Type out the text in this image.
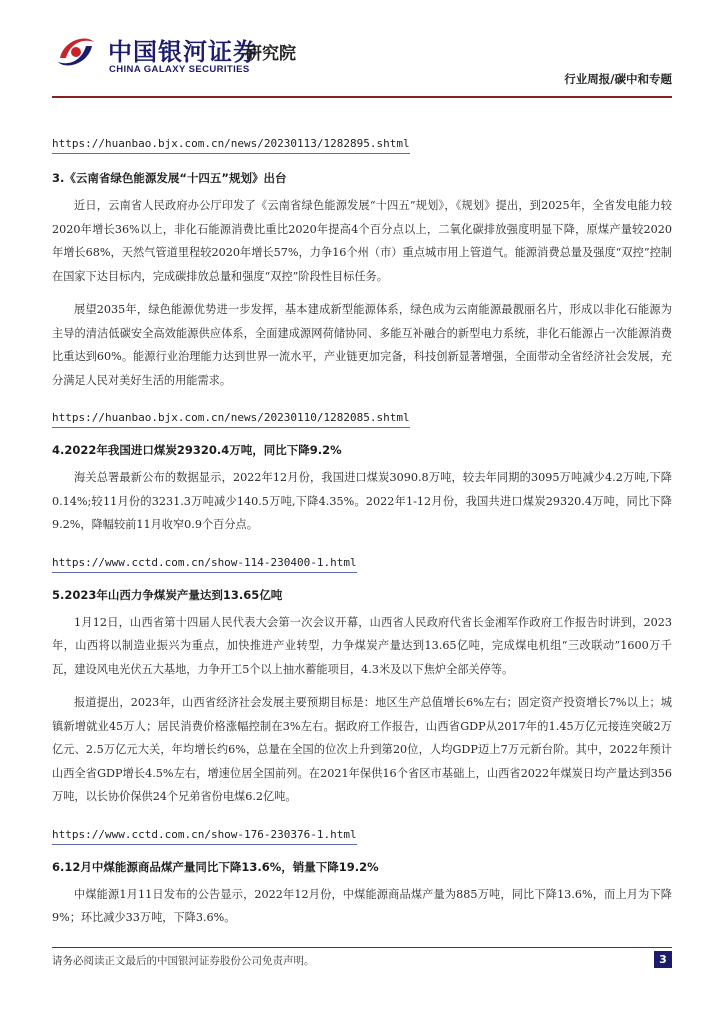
中国银河证券
CHINA GALAXY SECURITIES
研究院
行业周报/碳中和专题
https://huanbao.bjx.com.cn/news/20230113/1282895.shtml
3.《云南省绿色能源发展“十四五”规划》出台

近日，云南省人民政府办公厅印发了《云南省绿色能源发展“十四五”规划》，《规划》提出，到2025年，全省发电能力较2020年增长36%以上，非化石能源消费比重比2020年提高4个百分点以上，二氧化碳排放强度明显下降，原煤产量较2020年增长68%，天然气管道里程较2020年增长57%，力争16个州（市）重点城市用上管道气。能源消费总量及强度“双控”控制在国家下达目标内，完成碳排放总量和强度“双控”阶段性目标任务。

展望2035年，绿色能源优势进一步发挥，基本建成新型能源体系，绿色成为云南能源最靓丽名片，形成以非化石能源为主导的清洁低碳安全高效能源供应体系，全面建成源网荷储协同、多能互补融合的新型电力系统，非化石能源占一次能源消费比重达到60%。能源行业治理能力达到世界一流水平，产业链更加完备，科技创新显著增强，全面带动全省经济社会发展，充分满足人民对美好生活的用能需求。

https://huanbao.bjx.com.cn/news/20230110/1282085.shtml
4.2022年我国进口煤炭29320.4万吨，同比下降9.2%

海关总署最新公布的数据显示，2022年12月份，我国进口煤炭3090.8万吨，较去年同期的3095万吨减少4.2万吨,下降0.14%;较11月份的3231.3万吨减少140.5万吨,下降4.35%。2022年1-12月份，我国共进口煤炭29320.4万吨，同比下降9.2%，降幅较前11月收窄0.9个百分点。

https://www.cctd.com.cn/show-114-230400-1.html
5.2023年山西力争煤炭产量达到13.65亿吨

1月12日，山西省第十四届人民代表大会第一次会议开幕，山西省人民政府代省长金湘军作政府工作报告时讲到，2023年，山西将以制造业振兴为重点，加快推进产业转型，力争煤炭产量达到13.65亿吨，完成煤电机组“三改联动”1600万千瓦，建设风电光伏五大基地，力争开工5个以上抽水蓄能项目，4.3米及以下焦炉全部关停等。

报道提出，2023年，山西省经济社会发展主要预期目标是：地区生产总值增长6%左右；固定资产投资增长7%以上；城镇新增就业45万人；居民消费价格涨幅控制在3%左右。据政府工作报告，山西省GDP从2017年的1.45万亿元接连突破2万亿元、2.5万亿元大关，年均增长约6%，总量在全国的位次上升到第20位，人均GDP迈上7万元新台阶。其中，2022年预计山西全省GDP增长4.5%左右，增速位居全国前列。在2021年保供16个省区市基础上，山西省2022年煤炭日均产量达到356万吨，以长协价保供24个兄弟省份电煤6.2亿吨。

https://www.cctd.com.cn/show-176-230376-1.html
6.12月中煤能源商品煤产量同比下降13.6%，销量下降19.2%

中煤能源1月11日发布的公告显示，2022年12月份，中煤能源商品煤产量为885万吨，同比下降13.6%，而上月为下降9%；环比减少33万吨，下降3.6%。

请务必阅读正文最后的中国银河证券股份公司免责声明。	3
